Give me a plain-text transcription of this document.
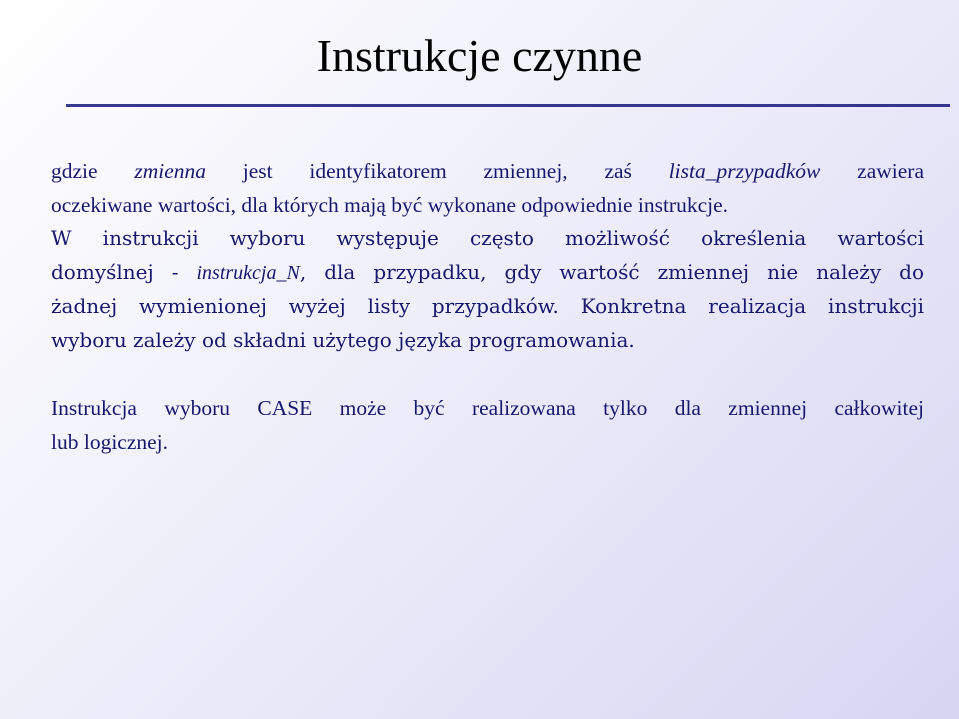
Instrukcje czynne

gdzie zmienna jest identyfikatorem zmiennej, zaś lista_przypadków zawiera
oczekiwane wartości, dla których mają być wykonane odpowiednie instrukcje.
W instrukcji wyboru występuje często możliwość określenia wartości
domyślnej - instrukcja_N, dla przypadku, gdy wartość zmiennej nie należy do
żadnej wymienionej wyżej listy przypadków. Konkretna realizacja instrukcji
wyboru zależy od składni użytego języka programowania.

Instrukcja wyboru CASE może być realizowana tylko dla zmiennej całkowitej
lub logicznej.
